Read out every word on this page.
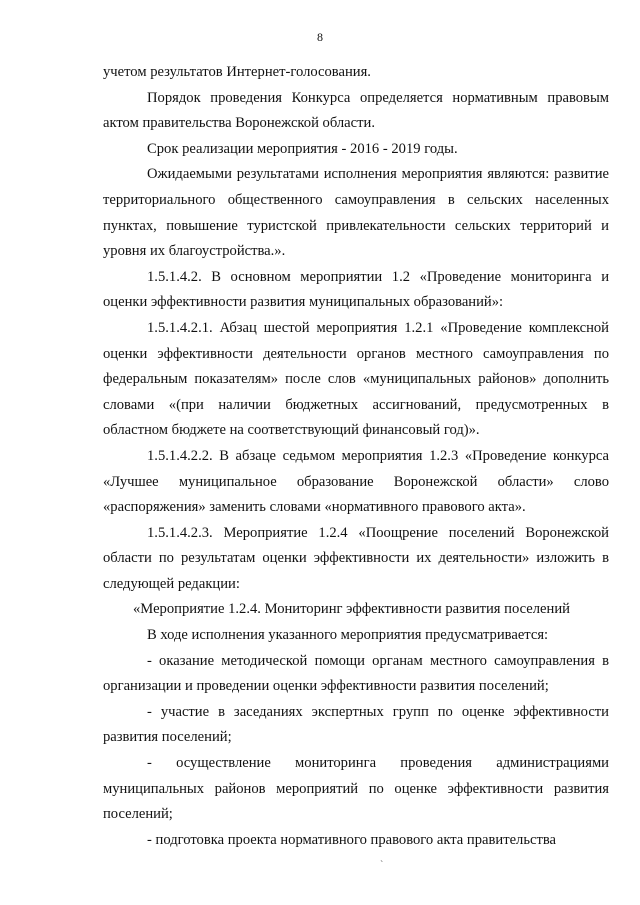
8

учетом результатов Интернет-голосования.

Порядок проведения Конкурса определяется нормативным правовым актом правительства Воронежской области.

Срок реализации мероприятия - 2016 - 2019 годы.

Ожидаемыми результатами исполнения мероприятия являются: развитие территориального общественного самоуправления в сельских населенных пунктах, повышение туристской привлекательности сельских территорий и уровня их благоустройства.».

1.5.1.4.2. В основном мероприятии 1.2 «Проведение мониторинга и оценки эффективности развития муниципальных образований»:

1.5.1.4.2.1. Абзац шестой мероприятия 1.2.1 «Проведение комплексной оценки эффективности деятельности органов местного самоуправления по федеральным показателям» после слов «муниципальных районов» дополнить словами «(при наличии бюджетных ассигнований, предусмотренных в областном бюджете на соответствующий финансовый год)».

1.5.1.4.2.2. В абзаце седьмом мероприятия 1.2.3 «Проведение конкурса «Лучшее муниципальное образование Воронежской области» слово «распоряжения» заменить словами «нормативного правового акта».

1.5.1.4.2.3. Мероприятие 1.2.4 «Поощрение поселений Воронежской области по результатам оценки эффективности их деятельности» изложить в следующей редакции:

«Мероприятие 1.2.4. Мониторинг эффективности развития поселений

В ходе исполнения указанного мероприятия предусматривается:

- оказание методической помощи органам местного самоуправления в организации и проведении оценки эффективности развития поселений;

- участие в заседаниях экспертных групп по оценке эффективности развития поселений;

- осуществление мониторинга проведения администрациями муниципальных районов мероприятий по оценке эффективности развития поселений;

- подготовка проекта нормативного правового акта правительства

`
